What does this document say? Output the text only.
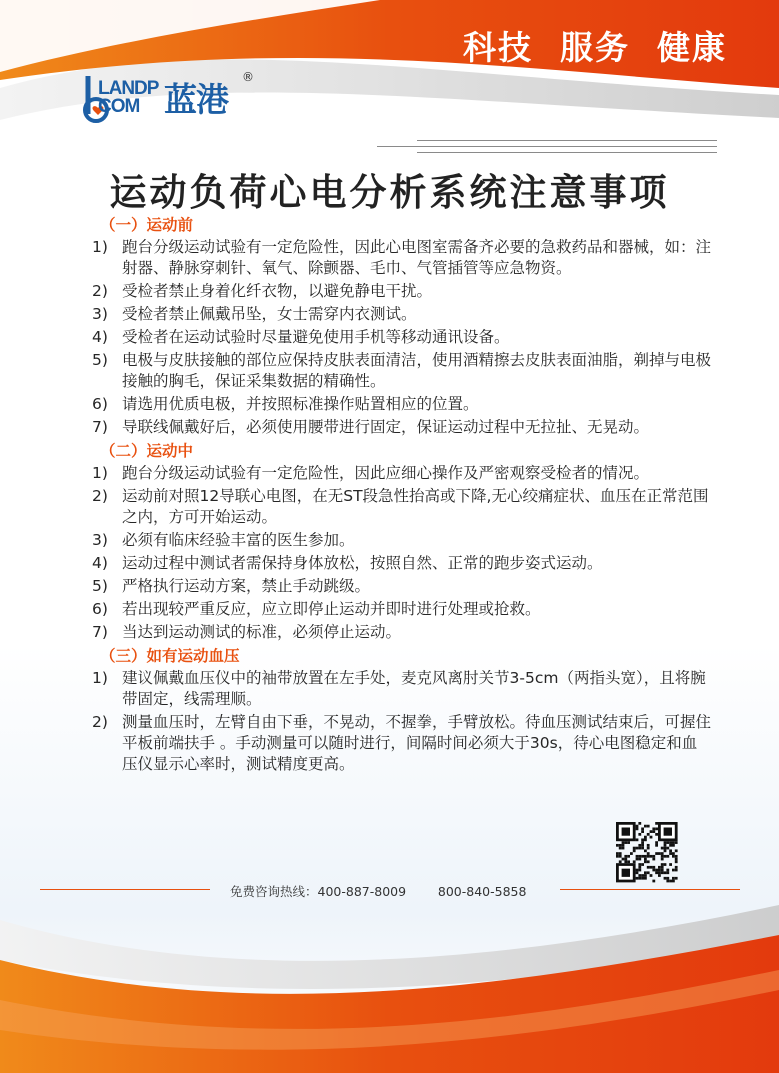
科技  服务  健康
LANDP
COM 蓝港
®
运动负荷心电分析系统注意事项
（一）运动前
1) 跑台分级运动试验有一定危险性，因此心电图室需备齐必要的急救药品和器械，如：注射器、静脉穿刺针、氧气、除颤器、毛巾、气管插管等应急物资。
2) 受检者禁止身着化纤衣物，以避免静电干扰。
3) 受检者禁止佩戴吊坠，女士需穿内衣测试。
4) 受检者在运动试验时尽量避免使用手机等移动通讯设备。
5) 电极与皮肤接触的部位应保持皮肤表面清洁，使用酒精擦去皮肤表面油脂，剃掉与电极接触的胸毛，保证采集数据的精确性。
6) 请选用优质电极，并按照标准操作贴置相应的位置。
7) 导联线佩戴好后，必须使用腰带进行固定，保证运动过程中无拉扯、无晃动。
（二）运动中
1) 跑台分级运动试验有一定危险性，因此应细心操作及严密观察受检者的情况。
2) 运动前对照12导联心电图，在无ST段急性抬高或下降,无心绞痛症状、血压在正常范围之内，方可开始运动。
3) 必须有临床经验丰富的医生参加。
4) 运动过程中测试者需保持身体放松，按照自然、正常的跑步姿式运动。
5) 严格执行运动方案，禁止手动跳级。
6) 若出现较严重反应，应立即停止运动并即时进行处理或抢救。
7) 当达到运动测试的标准，必须停止运动。
（三）如有运动血压
1) 建议佩戴血压仪中的袖带放置在左手处，麦克风离肘关节3-5cm（两指头宽），且将腕带固定，线需理顺。
2) 测量血压时，左臂自由下垂，不晃动，不握拳，手臂放松。待血压测试结束后，可握住平板前端扶手 。手动测量可以随时进行，间隔时间必须大于30s，待心电图稳定和血压仪显示心率时，测试精度更高。
免费咨询热线：400-887-8009	800-840-5858
